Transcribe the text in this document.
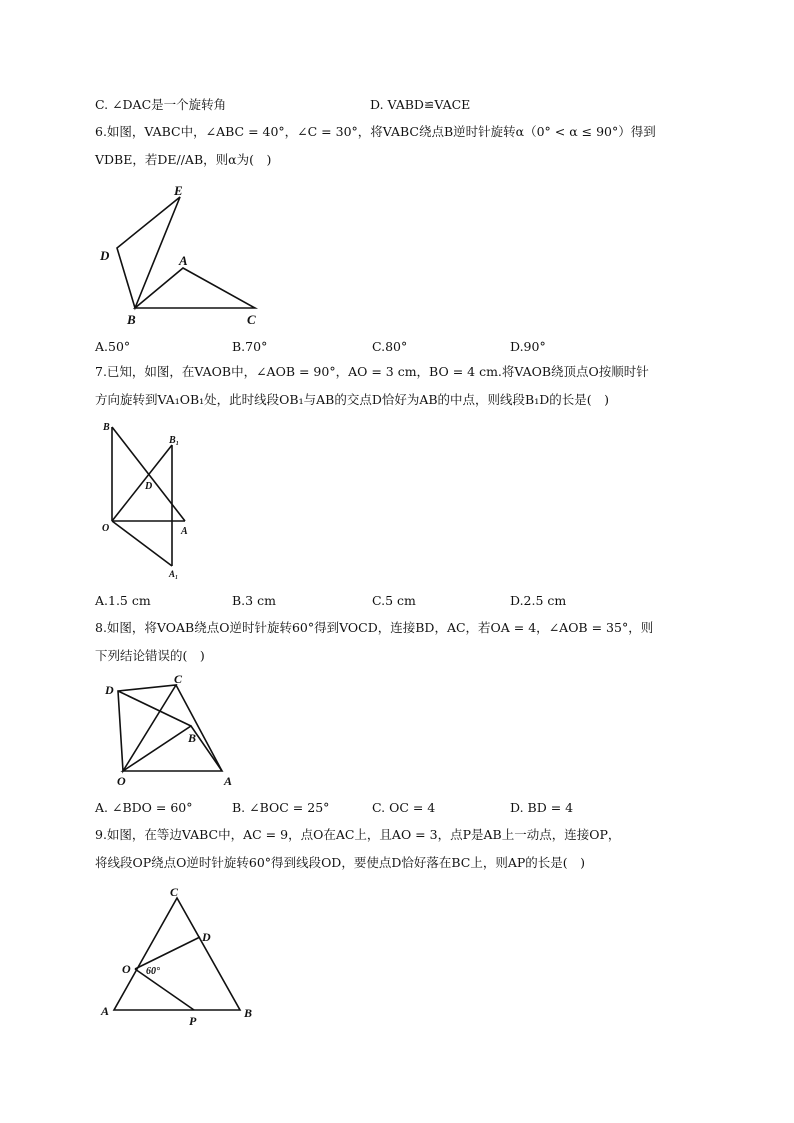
C. ∠DAC是一个旋转角	D. VABD≌VACE
6.如图，VABC中，∠ABC = 40°，∠C = 30°，将VABC绕点B逆时针旋转α（0° < α ≤ 90°）得到
VDBE，若DE//AB，则α为(　)
E
D	A
B	C
A.50°	B.70°	C.80°	D.90°
7.已知，如图，在VAOB中，∠AOB = 90°，AO = 3 cm，BO = 4 cm.将VAOB绕顶点O按顺时针
方向旋转到VA₁OB₁处，此时线段OB₁与AB的交点D恰好为AB的中点，则线段B₁D的长是(　)
B
B₁
D
O	A
A₁
A.1.5 cm	B.3 cm	C.5 cm	D.2.5 cm
8.如图，将VOAB绕点O逆时针旋转60°得到VOCD，连接BD，AC，若OA = 4，∠AOB = 35°，则
下列结论错误的(　)
D
C
B
O	A
A. ∠BDO = 60°	B. ∠BOC = 25°	C. OC = 4	D. BD = 4
9.如图，在等边VABC中，AC = 9，点O在AC上，且AO = 3，点P是AB上一动点，连接OP，
将线段OP绕点O逆时针旋转60°得到线段OD，要使点D恰好落在BC上，则AP的长是(　)
C
D
O 60°
A
P
B
